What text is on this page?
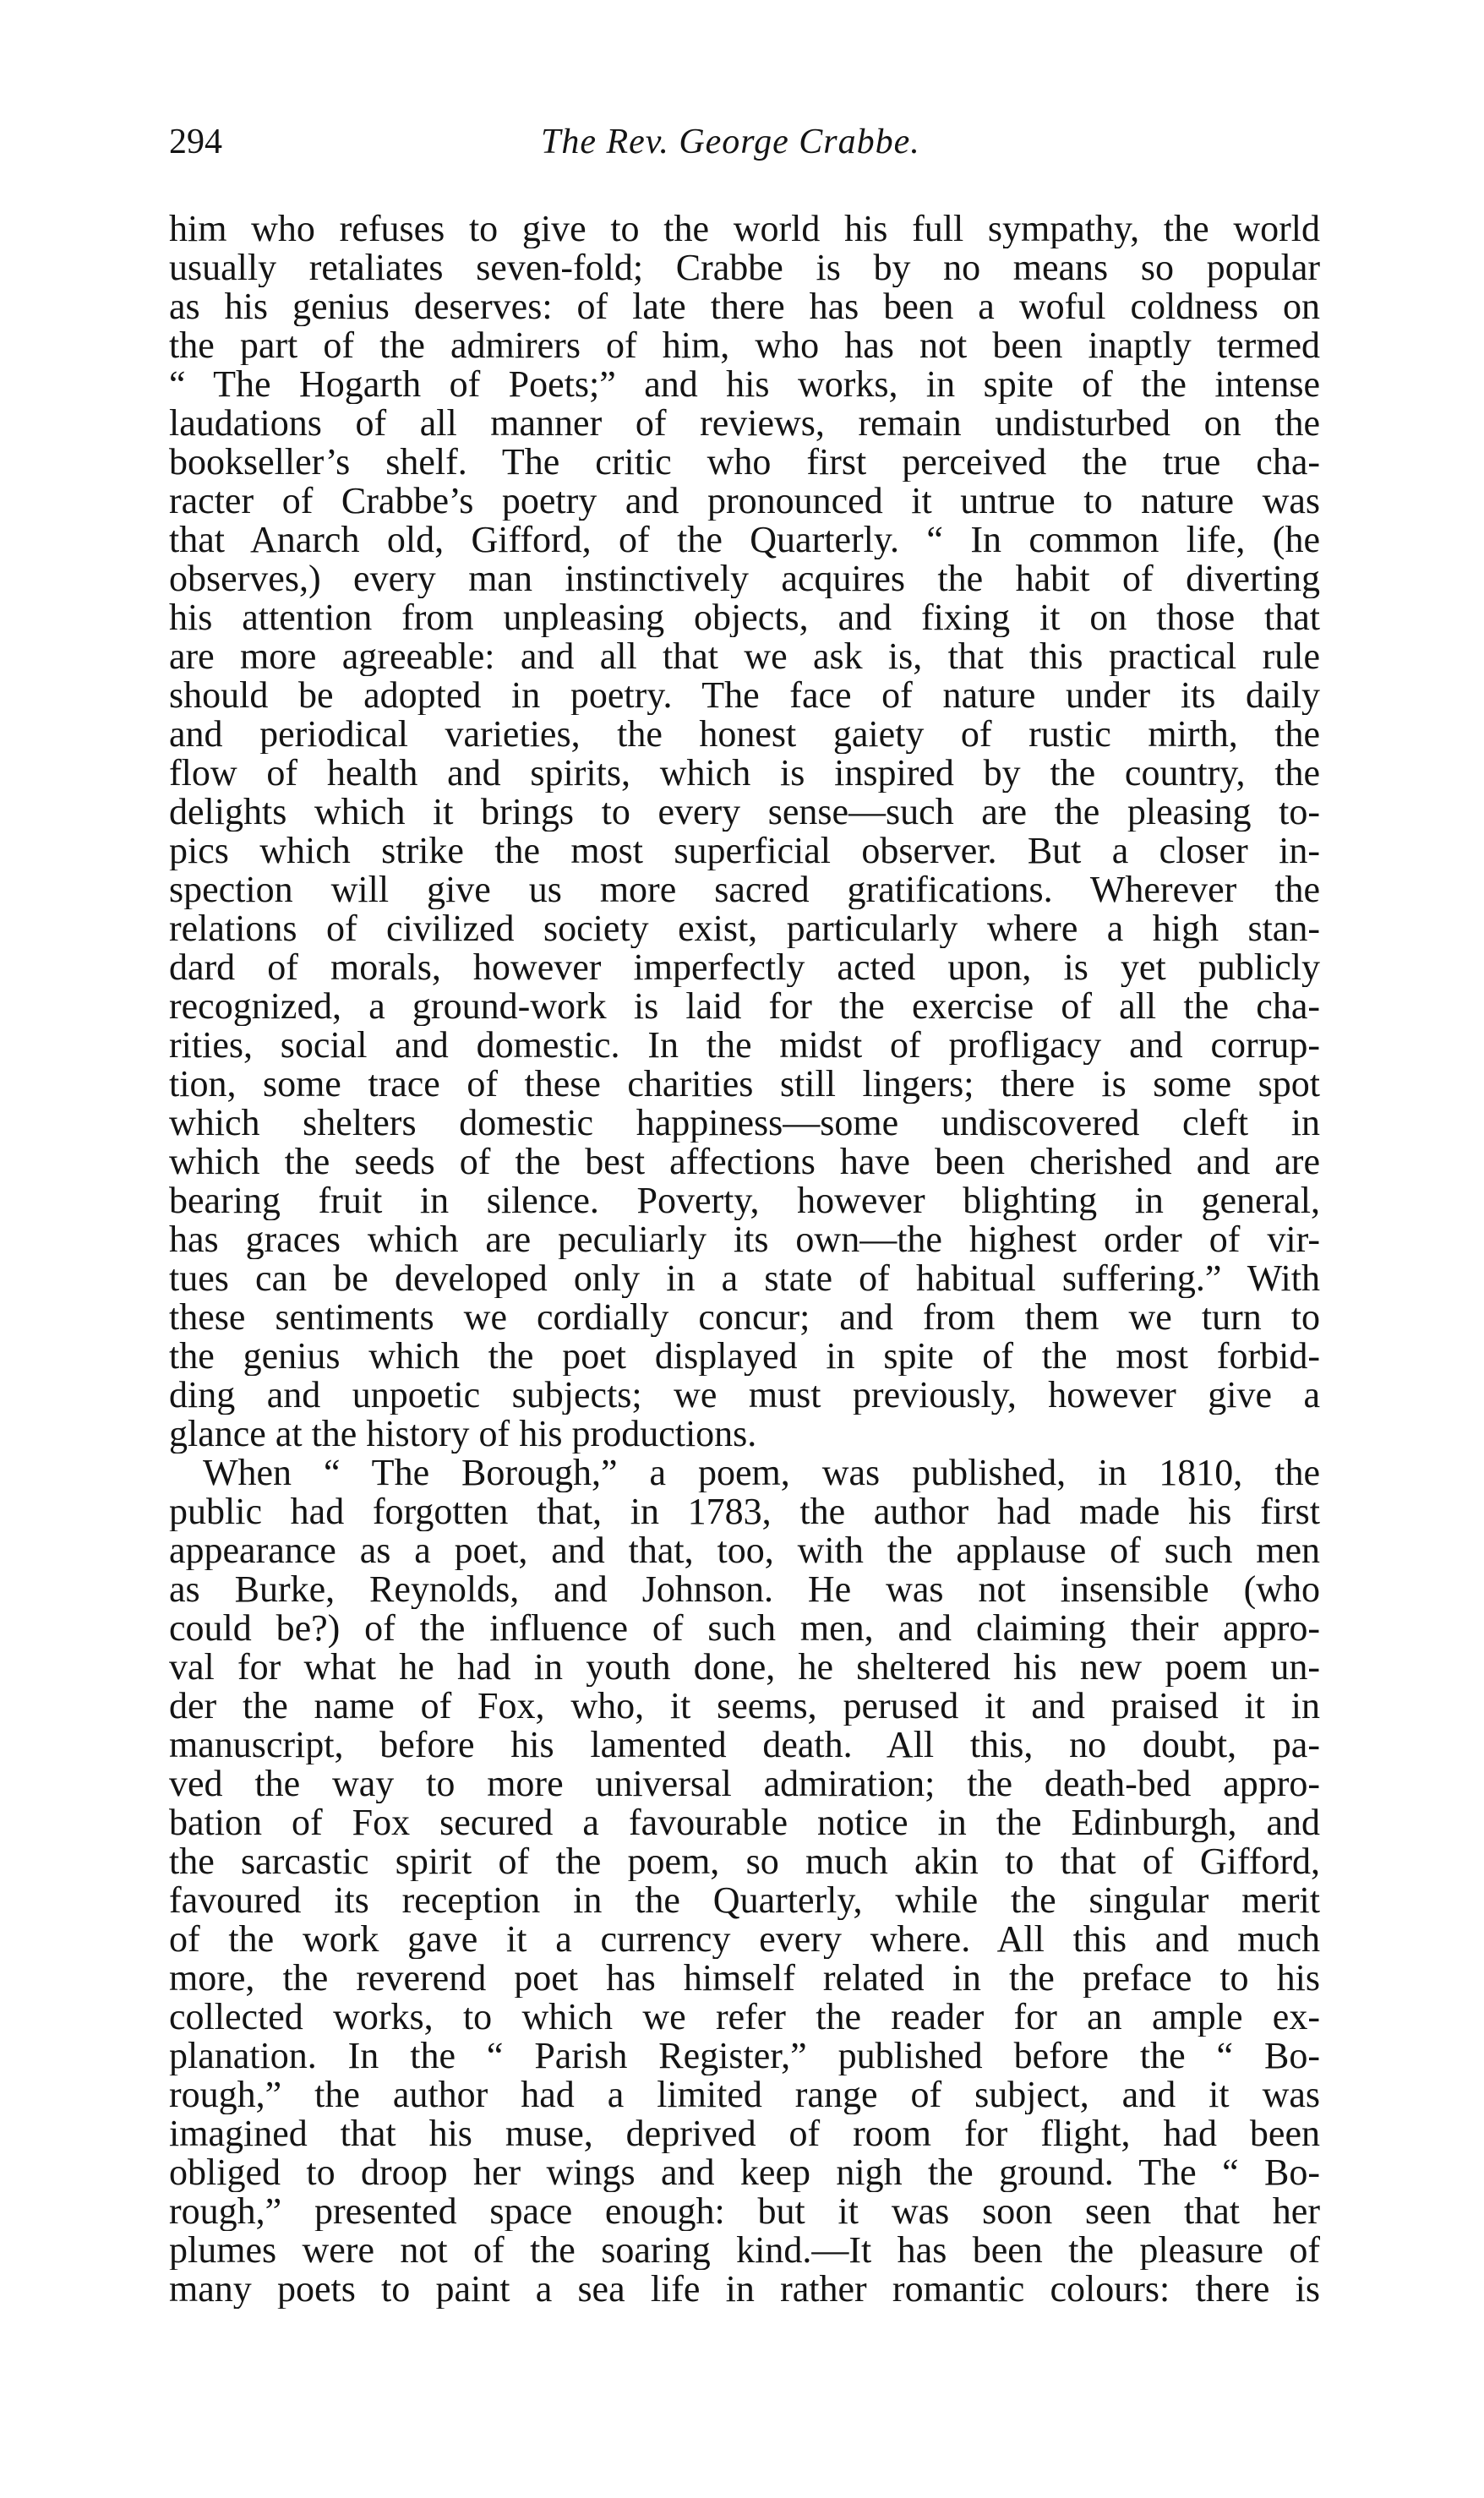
294	The Rev. George Crabbe.
him who refuses to give to the world his full sympathy, the world
usually retaliates seven-fold; Crabbe is by no means so popular
as his genius deserves: of late there has been a woful coldness on
the part of the admirers of him, who has not been inaptly termed
“ The Hogarth of Poets;” and his works, in spite of the intense
laudations of all manner of reviews, remain undisturbed on the
bookseller’s shelf. The critic who first perceived the true cha-
racter of Crabbe’s poetry and pronounced it untrue to nature was
that Anarch old, Gifford, of the Quarterly. “ In common life, (he
observes,) every man instinctively acquires the habit of diverting
his attention from unpleasing objects, and fixing it on those that
are more agreeable: and all that we ask is, that this practical rule
should be adopted in poetry. The face of nature under its daily
and periodical varieties, the honest gaiety of rustic mirth, the
flow of health and spirits, which is inspired by the country, the
delights which it brings to every sense—such are the pleasing to-
pics which strike the most superficial observer. But a closer in-
spection will give us more sacred gratifications. Wherever the
relations of civilized society exist, particularly where a high stan-
dard of morals, however imperfectly acted upon, is yet publicly
recognized, a ground-work is laid for the exercise of all the cha-
rities, social and domestic. In the midst of profligacy and corrup-
tion, some trace of these charities still lingers; there is some spot
which shelters domestic happiness—some undiscovered cleft in
which the seeds of the best affections have been cherished and are
bearing fruit in silence. Poverty, however blighting in general,
has graces which are peculiarly its own—the highest order of vir-
tues can be developed only in a state of habitual suffering.” With
these sentiments we cordially concur; and from them we turn to
the genius which the poet displayed in spite of the most forbid-
ding and unpoetic subjects; we must previously, however give a
glance at the history of his productions.
When “ The Borough,” a poem, was published, in 1810, the
public had forgotten that, in 1783, the author had made his first
appearance as a poet, and that, too, with the applause of such men
as Burke, Reynolds, and Johnson. He was not insensible (who
could be?) of the influence of such men, and claiming their appro-
val for what he had in youth done, he sheltered his new poem un-
der the name of Fox, who, it seems, perused it and praised it in
manuscript, before his lamented death. All this, no doubt, pa-
ved the way to more universal admiration; the death-bed appro-
bation of Fox secured a favourable notice in the Edinburgh, and
the sarcastic spirit of the poem, so much akin to that of Gifford,
favoured its reception in the Quarterly, while the singular merit
of the work gave it a currency every where. All this and much
more, the reverend poet has himself related in the preface to his
collected works, to which we refer the reader for an ample ex-
planation. In the “ Parish Register,” published before the “ Bo-
rough,” the author had a limited range of subject, and it was
imagined that his muse, deprived of room for flight, had been
obliged to droop her wings and keep nigh the ground. The “ Bo-
rough,” presented space enough: but it was soon seen that her
plumes were not of the soaring kind.—It has been the pleasure of
many poets to paint a sea life in rather romantic colours: there is
